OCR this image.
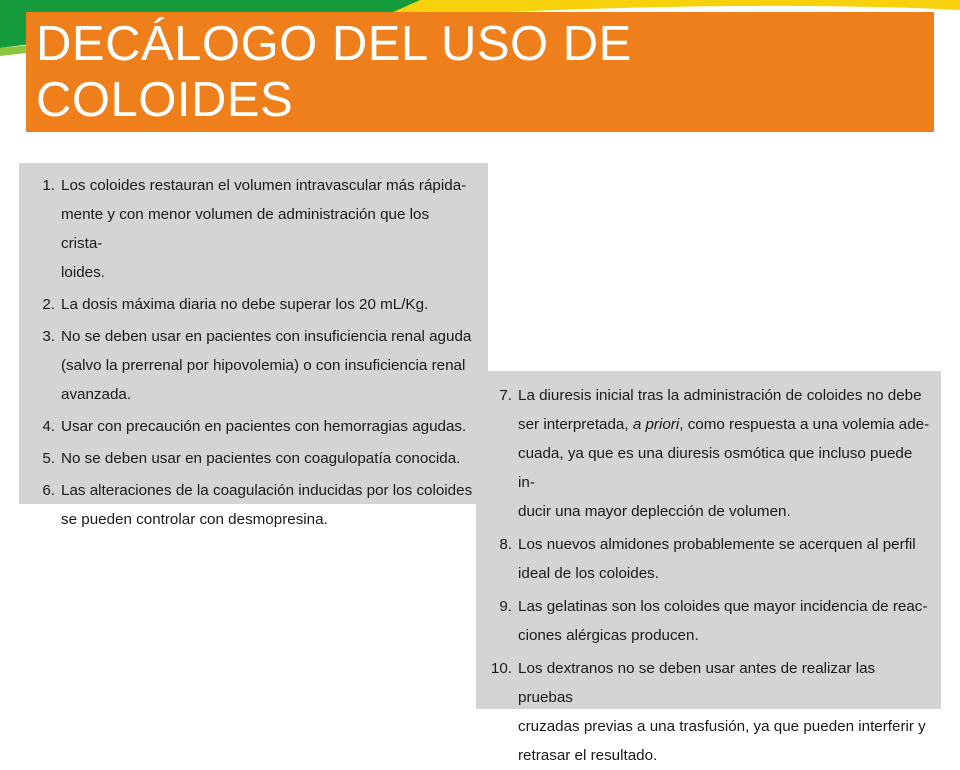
DECÁLOGO DEL USO DE
COLOIDES
1. Los coloides restauran el volumen intravascular más rápida-
mente y con menor volumen de administración que los crista-
loides.
2. La dosis máxima diaria no debe superar los 20 mL/Kg.
3. No se deben usar en pacientes con insuficiencia renal aguda
(salvo la prerrenal por hipovolemia) o con insuficiencia renal
avanzada.
4. Usar con precaución en pacientes con hemorragias agudas.
5. No se deben usar en pacientes con coagulopatía conocida.
6. Las alteraciones de la coagulación inducidas por los coloides
se pueden controlar con desmopresina.
7. La diuresis inicial tras la administración de coloides no debe
ser interpretada, a priori, como respuesta a una volemia ade-
cuada, ya que es una diuresis osmótica que incluso puede in-
ducir una mayor deplección de volumen.
8. Los nuevos almidones probablemente se acerquen al perfil
ideal de los coloides.
9. Las gelatinas son los coloides que mayor incidencia de reac-
ciones alérgicas producen.
10. Los dextranos no se deben usar antes de realizar las pruebas
cruzadas previas a una trasfusión, ya que pueden interferir y
retrasar el resultado.
